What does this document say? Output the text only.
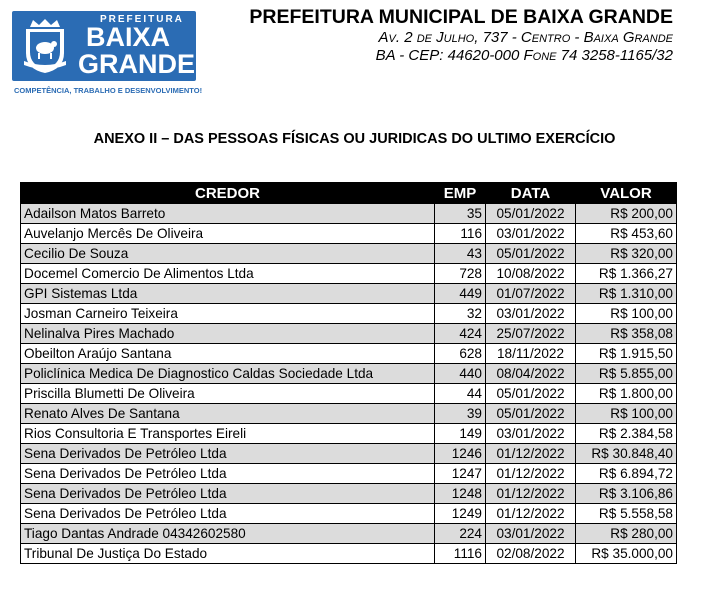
PREFEITURA
BAIXA
GRANDE
COMPETÊNCIA, TRABALHO E DESENVOLVIMENTO!
PREFEITURA MUNICIPAL DE BAIXA GRANDE
Av. 2 de Julho, 737 - Centro - Baixa Grande
BA - CEP: 44620-000 Fone 74 3258-1165/32
ANEXO II – DAS PESSOAS FÍSICAS OU JURIDICAS DO ULTIMO EXERCÍCIO
CREDOR	EMP	DATA	VALOR
Adailson Matos Barreto	35	05/01/2022	R$ 200,00
Auvelanjo Mercês De Oliveira	116	03/01/2022	R$ 453,60
Cecilio De Souza	43	05/01/2022	R$ 320,00
Docemel Comercio De Alimentos Ltda	728	10/08/2022	R$ 1.366,27
GPI Sistemas Ltda	449	01/07/2022	R$ 1.310,00
Josman Carneiro Teixeira	32	03/01/2022	R$ 100,00
Nelinalva Pires Machado	424	25/07/2022	R$ 358,08
Obeilton Araújo Santana	628	18/11/2022	R$ 1.915,50
Policlínica Medica De Diagnostico Caldas Sociedade Ltda	440	08/04/2022	R$ 5.855,00
Priscilla Blumetti De Oliveira	44	05/01/2022	R$ 1.800,00
Renato Alves De Santana	39	05/01/2022	R$ 100,00
Rios Consultoria E Transportes Eireli	149	03/01/2022	R$ 2.384,58
Sena Derivados De Petróleo Ltda	1246	01/12/2022	R$ 30.848,40
Sena Derivados De Petróleo Ltda	1247	01/12/2022	R$ 6.894,72
Sena Derivados De Petróleo Ltda	1248	01/12/2022	R$ 3.106,86
Sena Derivados De Petróleo Ltda	1249	01/12/2022	R$ 5.558,58
Tiago Dantas Andrade 04342602580	224	03/01/2022	R$ 280,00
Tribunal De Justiça Do Estado	1116	02/08/2022	R$ 35.000,00
